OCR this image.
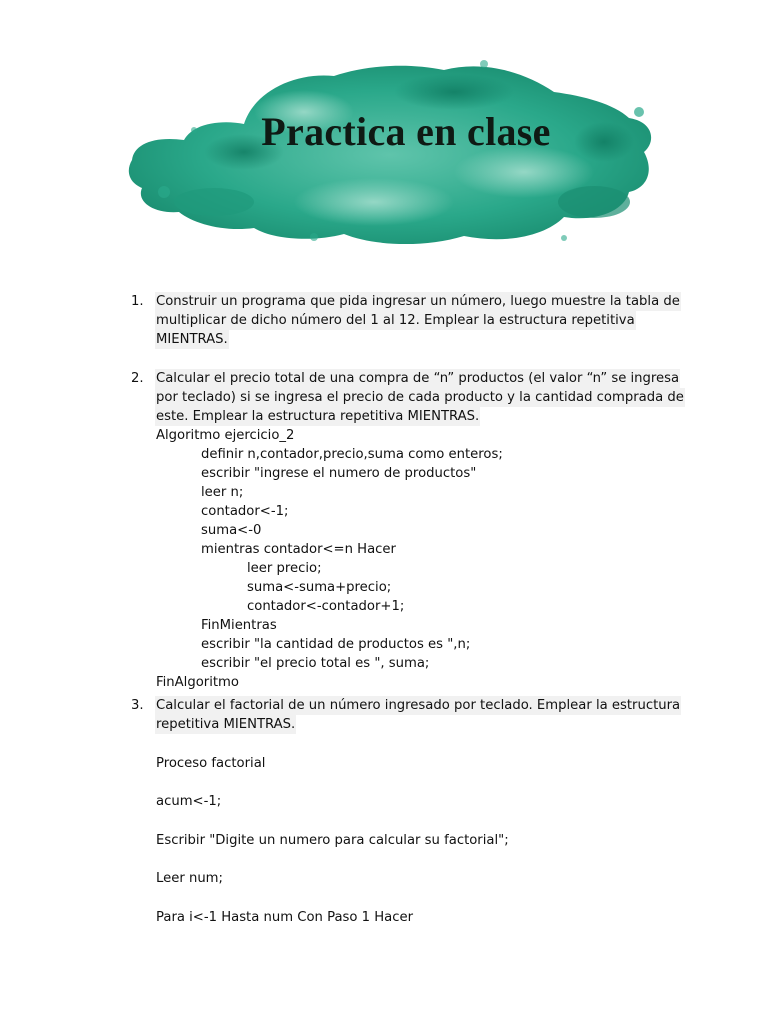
Practica en clase
1. Construir un programa que pida ingresar un número, luego muestre la tabla de
multiplicar de dicho número del 1 al 12. Emplear la estructura repetitiva
MIENTRAS.
2. Calcular el precio total de una compra de “n” productos (el valor “n” se ingresa
por teclado) si se ingresa el precio de cada producto y la cantidad comprada de
este. Emplear la estructura repetitiva MIENTRAS.
Algoritmo ejercicio_2
definir n,contador,precio,suma como enteros;
escribir "ingrese el numero de productos"
leer n;
contador<-1;
suma<-0
mientras contador<=n Hacer
leer precio;
suma<-suma+precio;
contador<-contador+1;
FinMientras
escribir "la cantidad de productos es ",n;
escribir "el precio total es ", suma;
FinAlgoritmo
3. Calcular el factorial de un número ingresado por teclado. Emplear la estructura
repetitiva MIENTRAS.
Proceso factorial
acum<-1;
Escribir "Digite un numero para calcular su factorial";
Leer num;
Para i<-1 Hasta num Con Paso 1 Hacer
